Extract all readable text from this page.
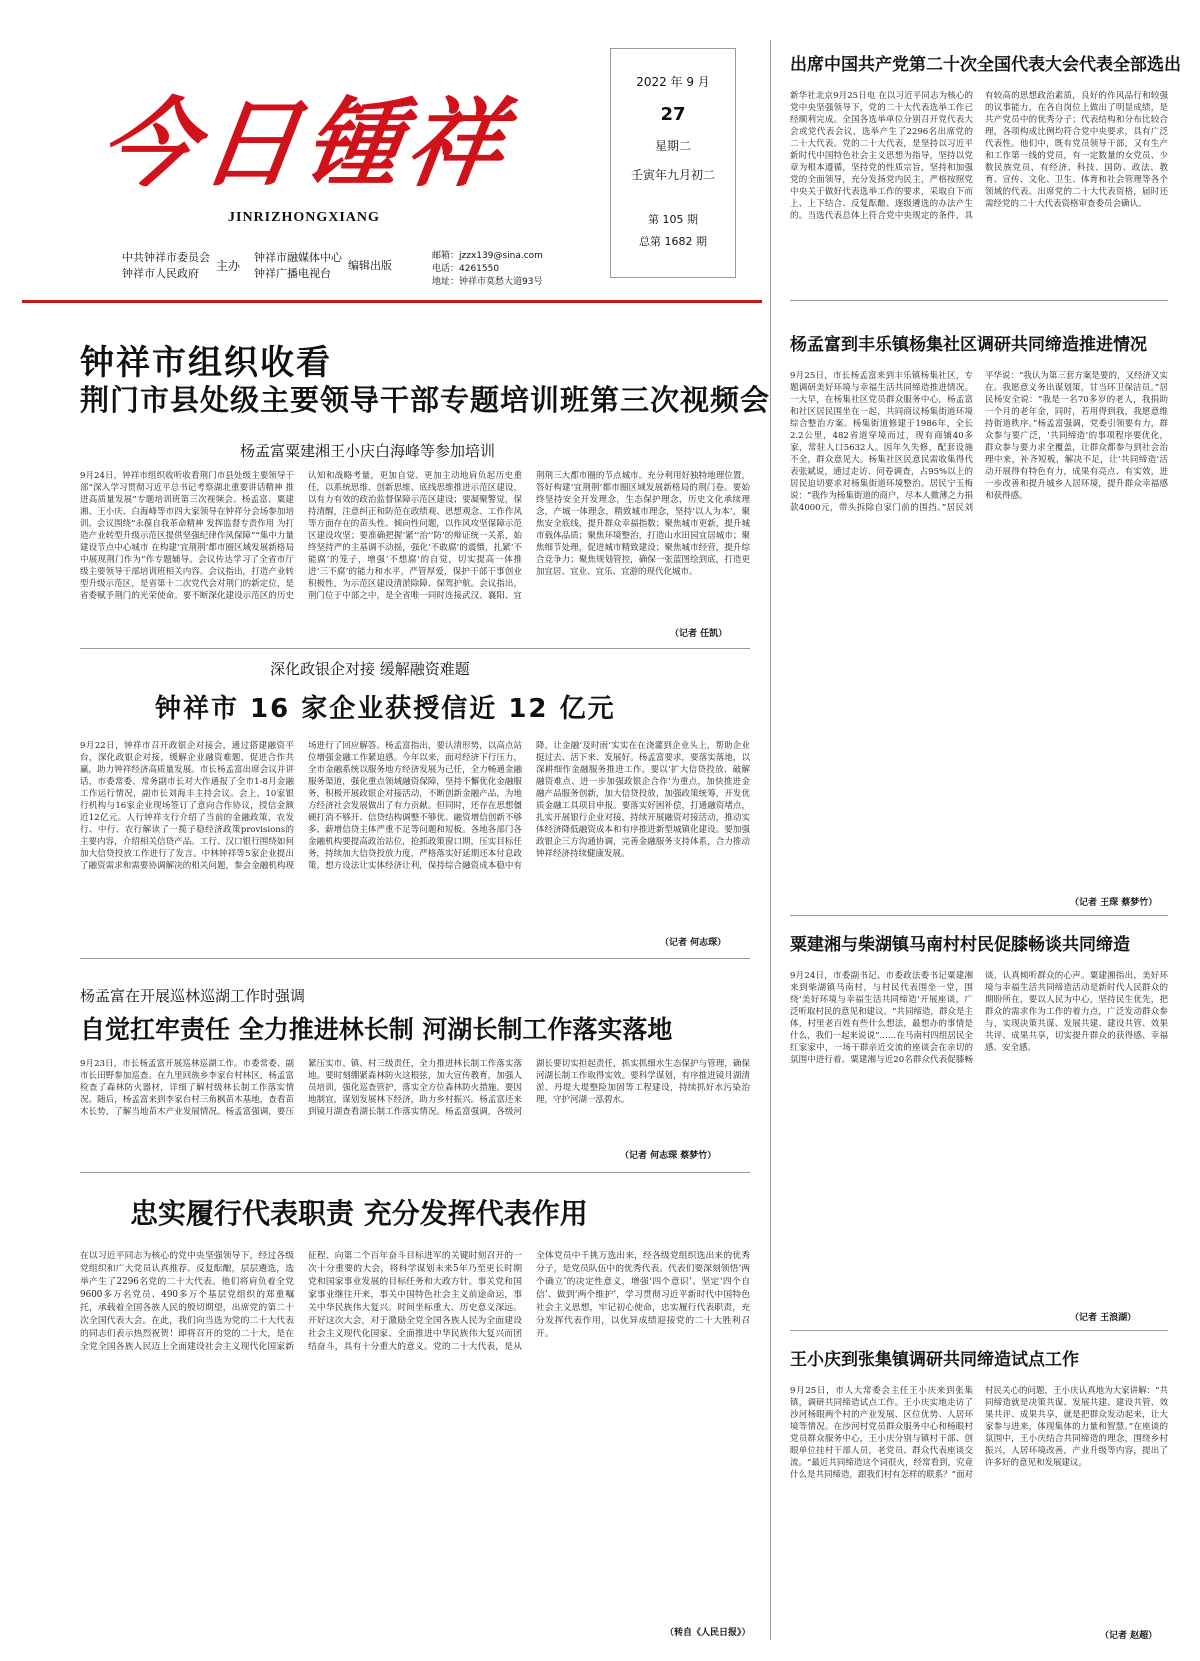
今日锺祥
JINRIZHONGXIANG
中共钟祥市委员会
钟祥市人民政府
主办
钟祥市融媒体中心
钟祥广播电视台
编辑出版
邮箱：jzzx139@sina.com
电话：4261550
地址：钟祥市莫愁大道93号
2022 年 9 月
27
星期二
壬寅年九月初二
第 105 期
总第 1682 期
钟祥市组织收看
荆门市县处级主要领导干部专题培训班第三次视频会
杨孟富粟建湘王小庆白海峰等参加培训
9月24日，钟祥市组织收听收看荆门市县处级主要领导干部“深入学习贯彻习近平总书记考察湖北重要讲话精神 推进高质量发展”专题培训班第三次视频会。杨孟富、粟建湘、王小庆、白海峰等市四大家领导在钟祥分会场参加培训。会议围绕“永葆自我革命精神 发挥监督专责作用 为打造产业转型升级示范区提供坚强纪律作风保障”“集中力量建设节点中心城市 在构建‘宜荆荆’都市圈区域发展新格局中展现荆门作为”作专题辅导。会议传达学习了全省市厅级主要领导干部培训班相关内容。会议指出，打造产业转型升级示范区，是省第十二次党代会对荆门的新定位，是省委赋予荆门的光荣使命。要不断深化建设示范区的历史认知和战略考量，更加自觉、更加主动地肩负起历史重任，以系统思维、创新思维、底线思维推进示范区建设，以有力有效的政治监督保障示范区建设；要凝聚警觉，保持清醒，注意纠正和防范在政绩观、思想观念、工作作风等方面存在的苗头性、倾向性问题，以作风攻坚保障示范区建设攻坚；要准确把握‘紧’‘治’‘防’的辩证统一关系，始终坚持严的主基调不动摇，强化‘不敢腐’的震慑，扎紧‘不能腐’的笼子，增强‘不想腐’的自觉，切实提高一体推进‘三不腐’的能力和水平，严管厚爱，保护干部干事创业积极性，为示范区建设清淤除障、保驾护航。会议指出，荆门位于中部之中，是全省唯一同时连接武汉、襄阳、宜荆荆三大都市圈的节点城市。充分利用好独特地理位置，答好构建‘宜荆荆’都市圈区域发展新格局的荆门卷。要始终坚持安全开发理念，生态保护理念，历史文化承续理念，产城一体理念，精致城市理念，坚持‘以人为本’，聚焦安全底线，提升群众幸福指数；聚焦城市更新，提升城市载体品质；聚焦环境整治，打造山水田园宜居城市；聚焦细节处理，促进城市精致建设；聚焦城市经营，提升综合竞争力；聚焦规划管控，确保一张蓝图绘到底，打造更加宜居、宜业、宜乐、宜游的现代化城市。
（记者 任凯）
深化政银企对接 缓解融资难题
钟祥市 16 家企业获授信近 12 亿元
9月22日，钟祥市召开政银企对接会，通过搭建融资平台，深化政银企对接，缓解企业融资难题，促进合作共赢，助力钟祥经济高质量发展。市长杨孟富出席会议并讲话，市委常委、常务副市长对大作通报了全市1-8月金融工作运行情况，副市长刘海丰主持会议。会上，10家银行机构与16家企业现场签订了意向合作协议，授信金额近12亿元。人行钟祥支行介绍了当前的金融政策，农发行、中行、农行解读了一揽子稳经济政策provisions的主要内容，介绍相关信贷产品。工行、汉口银行围绕如何加大信贷投放工作进行了发言。中林钟祥等5家企业提出了融资需求和需要协调解决的相关问题，参会金融机构现场进行了回应解答。杨孟富指出，要认清形势，以高点站位增强金融工作紧迫感。今年以来，面对经济下行压力，全市金融系统以服务地方经济发展为己任，全力畅通金融服务渠道，强化重点领域融资保障，坚持不懈优化金融服务，积极开展政银企对接活动，不断创新金融产品，为地方经济社会发展做出了有力贡献。但同时，还存在思想僵硬打消不够开、信贷结构调整不够优、融资增信创新不够多、薪增信贷主体严重不足等问题和短板。各地各部门各金融机构要提高政治站位，抢抓政策窗口期，压实目标任务，持续加大信贷投放力度，严格落实好延期还本付息政策，想方设法让实体经济让利，保持综合融资成本稳中有降，让金融‘及时雨’实实在在浇灌到企业头上，帮助企业挺过去、活下来、发展好。杨孟富要求，要落实落地，以深耕细作金融服务推进工作。要以‘扩大信贷投放、破解融资难点、进一步加强政银企合作’为重点，加快推进金融产品服务创新，加大信贷投放，加强政策统筹，开发优质金融工具项目申报。要落实好困补偿，打通融资堵点，扎实开展银行企业对接，持续开展融资对接活动，推动实体经济降低融资成本和有序推进新型城镇化建设。要加强政银企三方沟通协调，完善金融服务支持体系，合力推动钟祥经济持续健康发展。
（记者 何志琛）
杨孟富在开展巡林巡湖工作时强调
自觉扛牢责任 全力推进林长制 河湖长制工作落实落地
9月23日，市长杨孟富开展巡林巡湖工作。市委常委、副市长田野参加巡查。在九里回族乡李家台村林区，杨孟富检查了森林防火器材，详细了解村级林长制工作落实情况。随后，杨孟富来到李家台村三角枫苗木基地，查看苗木长势，了解当地苗木产业发展情况。杨孟富强调，要压紧压实市、镇、村三级责任，全力推进林长制工作落实落地。要时刻绷紧森林防火这根弦，加大宣传教育，加强人员培训，强化巡查管护，落实全方位森林防火措施。要因地制宜，谋划发展林下经济，助力乡村振兴。杨孟富还来到镜月湖查看湖长制工作落实情况。杨孟富强调，各级河湖长要切实担起责任，抓实抓细水生态保护与管理，确保河湖长制工作取得实效。要科学谋划，有序推进镜月湖清淤、丹堤大堤整险加固等工程建设，持续抓好水污染治理，守护河湖一泓碧水。
（记者 何志琛 蔡梦竹）
忠实履行代表职责 充分发挥代表作用
在以习近平同志为核心的党中央坚强领导下，经过各级党组织和广大党员认真推荐、反复酝酿，层层遴选，选举产生了2296名党的二十大代表。他们将肩负着全党9600多万名党员、490多万个基层党组织的郑重嘱托，承载着全国各族人民的殷切期望，出席党的第二十次全国代表大会。在此，我们向当选为党的二十大代表的同志们表示热烈祝贺！即将召开的党的二十大，是在全党全国各族人民迈上全面建设社会主义现代化国家新征程、向第二个百年奋斗目标进军的关键时刻召开的一次十分重要的大会，将科学谋划未来5年乃至更长时期党和国家事业发展的目标任务和大政方针。事关党和国家事业继往开来，事关中国特色社会主义前途命运，事关中华民族伟大复兴。时间坐标重大、历史意义深远。开好这次大会，对于激励全党全国各族人民为全面建设社会主义现代化国家、全面推进中华民族伟大复兴而团结奋斗，具有十分重大的意义。党的二十大代表，是从全体党员中千挑万选出来，经各级党组织选出来的优秀分子，是党员队伍中的优秀代表。代表们要深刻领悟‘两个确立’的决定性意义，增强‘四个意识’、坚定‘四个自信’、做到‘两个维护’，学习贯彻习近平新时代中国特色社会主义思想，牢记初心使命，忠实履行代表职责，充分发挥代表作用，以优异成绩迎接党的二十大胜利召开。
（转自《人民日报》）
出席中国共产党第二十次全国代表大会代表全部选出
新华社北京9月25日电 在以习近平同志为核心的党中央坚强领导下，党的二十大代表选举工作已经顺利完成。全国各选举单位分别召开党代表大会或党代表会议，选举产生了2296名出席党的二十大代表。党的二十大代表，是坚持以习近平新时代中国特色社会主义思想为指导，坚持以党章为根本遵循，坚持党的性质宗旨，坚持和加强党的全面领导，充分发扬党内民主，严格按照党中央关于做好代表选举工作的要求，采取自下而上、上下结合、反复酝酿、逐级遴选的办法产生的。当选代表总体上符合党中央规定的条件，具有较高的思想政治素质，良好的作风品行和较强的议事能力，在各自岗位上做出了明显成绩，是共产党员中的优秀分子；代表结构和分布比较合理，各项构成比例均符合党中央要求，具有广泛代表性。他们中，既有党员领导干部，又有生产和工作第一线的党员，有一定数量的女党员、少数民族党员，有经济、科技、国防、政法、教育、宣传、文化、卫生、体育和社会管理等各个领域的代表。出席党的二十大代表资格，届时还需经党的二十大代表资格审查委员会确认。
杨孟富到丰乐镇杨集社区调研共同缔造推进情况
9月25日，市长杨孟富来到丰乐镇杨集社区，专题调研美好环境与幸福生活共同缔造推进情况。一大早，在杨集社区党员群众服务中心，杨孟富和社区居民围坐在一起，共同商议杨集街道环境综合整治方案。杨集街道修建于1986年，全长2.2公里，482省道穿境而过，现有商铺40多家，常驻人口5632人。因年久失修，配套设施不全，群众意见大。杨集社区民意民需收集得代表张斌说，通过走访、问卷调查，占95%以上的居民迫切要求对杨集街道环境整治。居民宁玉梅说：“我作为杨集街道的商户，尽本人微薄之力捐款4000元，带头拆除自家门前的围挡。”居民刘平华说：“我认为第三套方案是要的，又经济又实在。我愿意义务出谋划策，甘当环卫保洁员。”居民杨安全说：“我是一名70多岁的老人，我捐助一个月的老年金，同时，若用得到我，我愿意维持街道秩序。”杨孟富强调，党委引领要有力，群众参与要广泛，‘共同缔造’的事项程序要优化，群众参与要力求全覆盖，让群众都参与到社会治理中来，补齐短板，解决不足，让‘共同缔造’活动开展得有特色有力，成果有亮点、有实效，进一步改善和提升城乡人居环境，提升群众幸福感和获得感。
（记者 王琛 蔡梦竹）
粟建湘与柴湖镇马南村村民促膝畅谈共同缔造
9月24日，市委副书记、市委政法委书记粟建湘来到柴湖镇马南村，与村民代表围坐一堂，围绕‘美好环境与幸福生活共同缔造’开展座谈，广泛听取村民的意见和建议。“共同缔造，群众是主体，村里老百姓有些什么想法，最想办的事情是什么，我们一起来说说”……在马南村四组居民全红家家中，一场干群亲近交流的座谈会在亲切的氛围中进行着。粟建湘与近20名群众代表促膝畅谈，认真倾听群众的心声。粟建湘指出，美好环境与幸福生活共同缔造活动是新时代人民群众的期盼所在，要以人民为中心，坚持民生优先，把群众的需求作为工作的着力点，广泛发动群众参与，实现决策共谋、发展共建、建设共管、效果共评、成果共享，切实提升群众的获得感、幸福感、安全感。
（记者 王浪湖）
王小庆到张集镇调研共同缔造试点工作
9月25日，市人大常委会主任王小庆来到张集镇，调研共同缔造试点工作。王小庆实地走访了沙河杨眼两个村的产业发展、区位优势、人居环境等情况。在沙河村党员群众服务中心和杨眼村党员群众服务中心，王小庆分别与镇村干部、创眼单位挂村干部人员，老党员、群众代表座谈交流。“最近共同缔造这个词很火，经常看到，究竟什么是共同缔造，跟我们村有怎样的联系？”面对村民关心的问题，王小庆认真地为大家讲解：“共同缔造就是决策共谋、发展共建、建设共管、效果共评、成果共享，就是把群众发动起来，让大家参与进来，体现集体的力量和智慧。”在座谈的氛围中，王小庆结合共同缔造的理念，围绕乡村振兴，人居环境改善，产业升级等内容，提出了许多好的意见和发展建议。
（记者 赵超）
